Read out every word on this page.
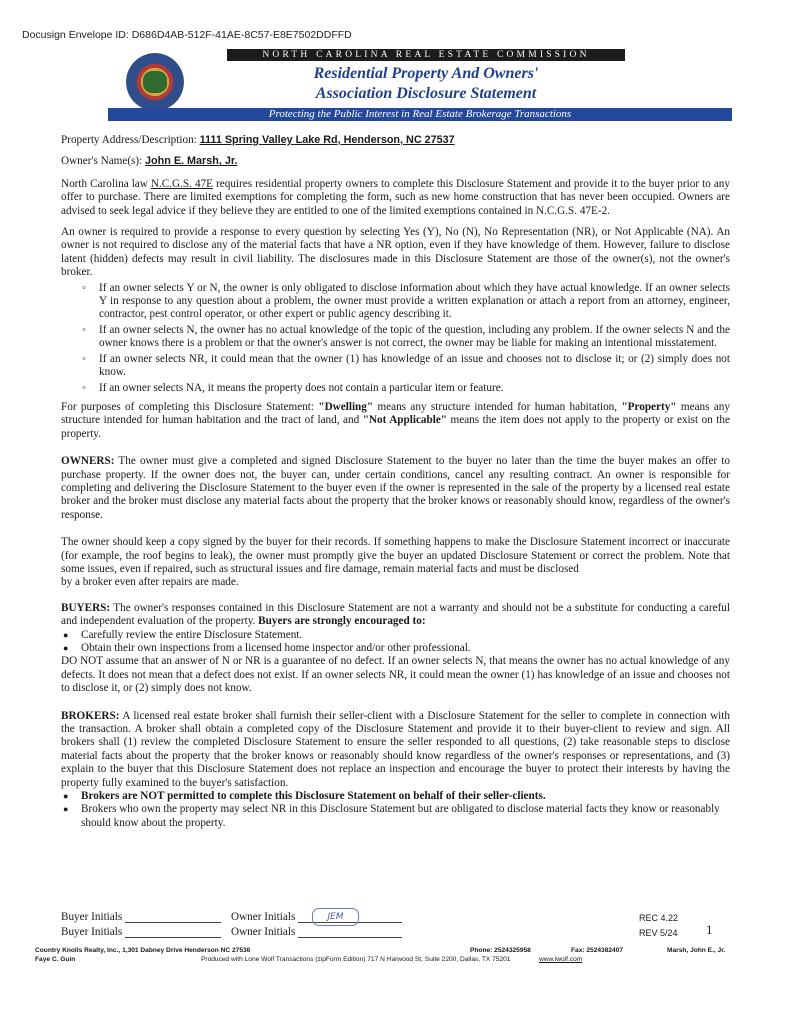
Docusign Envelope ID: D686D4AB-512F-41AE-8C57-E8E7502DDFFD
NORTH CAROLINA REAL ESTATE COMMISSION
Residential Property And Owners'
Association Disclosure Statement
Protecting the Public Interest in Real Estate Brokerage Transactions

Property Address/Description: 1111 Spring Valley Lake Rd, Henderson, NC 27537

Owner's Name(s): John E. Marsh, Jr.

North Carolina law N.C.G.S. 47E requires residential property owners to complete this Disclosure Statement and provide it to the buyer prior to any offer to purchase. There are limited exemptions for completing the form, such as new home construction that has never been occupied. Owners are advised to seek legal advice if they believe they are entitled to one of the limited exemptions contained in N.C.G.S. 47E-2.

An owner is required to provide a response to every question by selecting Yes (Y), No (N), No Representation (NR), or Not Applicable (NA). An owner is not required to disclose any of the material facts that have a NR option, even if they have knowledge of them. However, failure to disclose latent (hidden) defects may result in civil liability. The disclosures made in this Disclosure Statement are those of the owner(s), not the owner's broker.

◦ If an owner selects Y or N, the owner is only obligated to disclose information about which they have actual knowledge. If an owner selects Y in response to any question about a problem, the owner must provide a written explanation or attach a report from an attorney, engineer, contractor, pest control operator, or other expert or public agency describing it.
◦ If an owner selects N, the owner has no actual knowledge of the topic of the question, including any problem. If the owner selects N and the owner knows there is a problem or that the owner's answer is not correct, the owner may be liable for making an intentional misstatement.
◦ If an owner selects NR, it could mean that the owner (1) has knowledge of an issue and chooses not to disclose it; or (2) simply does not know.
◦ If an owner selects NA, it means the property does not contain a particular item or feature.

For purposes of completing this Disclosure Statement: "Dwelling" means any structure intended for human habitation, "Property" means any structure intended for human habitation and the tract of land, and "Not Applicable" means the item does not apply to the property or exist on the property.

OWNERS: The owner must give a completed and signed Disclosure Statement to the buyer no later than the time the buyer makes an offer to purchase property. If the owner does not, the buyer can, under certain conditions, cancel any resulting contract. An owner is responsible for completing and delivering the Disclosure Statement to the buyer even if the owner is represented in the sale of the property by a licensed real estate broker and the broker must disclose any material facts about the property that the broker knows or reasonably should know, regardless of the owner's response.

The owner should keep a copy signed by the buyer for their records. If something happens to make the Disclosure Statement incorrect or inaccurate (for example, the roof begins to leak), the owner must promptly give the buyer an updated Disclosure Statement or correct the problem. Note that some issues, even if repaired, such as structural issues and fire damage, remain material facts and must be disclosed

by a broker even after repairs are made.

BUYERS: The owner's responses contained in this Disclosure Statement are not a warranty and should not be a substitute for conducting a careful and independent evaluation of the property. Buyers are strongly encouraged to:

● Carefully review the entire Disclosure Statement.
● Obtain their own inspections from a licensed home inspector and/or other professional.

DO NOT assume that an answer of N or NR is a guarantee of no defect. If an owner selects N, that means the owner has no actual knowledge of any defects. It does not mean that a defect does not exist. If an owner selects NR, it could mean the owner (1) has knowledge of an issue and chooses not to disclose it, or (2) simply does not know.

BROKERS: A licensed real estate broker shall furnish their seller-client with a Disclosure Statement for the seller to complete in connection with the transaction. A broker shall obtain a completed copy of the Disclosure Statement and provide it to their buyer-client to review and sign. All brokers shall (1) review the completed Disclosure Statement to ensure the seller responded to all questions, (2) take reasonable steps to disclose material facts about the property that the broker knows or reasonably should know regardless of the owner's responses or representations, and (3) explain to the buyer that this Disclosure Statement does not replace an inspection and encourage the buyer to protect their interests by having the property fully examined to the buyer's satisfaction.

● Brokers are NOT permitted to complete this Disclosure Statement on behalf of their seller-clients.
● Brokers who own the property may select NR in this Disclosure Statement but are obligated to disclose material facts they know or reasonably should know about the property.
Buyer Initials
Buyer Initials
Owner Initials	JEM
Owner Initials
REC 4.22
REV 5/24 1
Country Knolls Realty, Inc., 1,301 Dabney Drive Henderson NC 27536	Phone: 2524325958	Fax: 2524382407	Marsh, John E., Jr.
Faye C. Guin	Produced with Lone Wolf Transactions (zipForm Edition) 717 N Harwood St, Suite 2200, Dallas, TX 75201	www.lwolf.com
